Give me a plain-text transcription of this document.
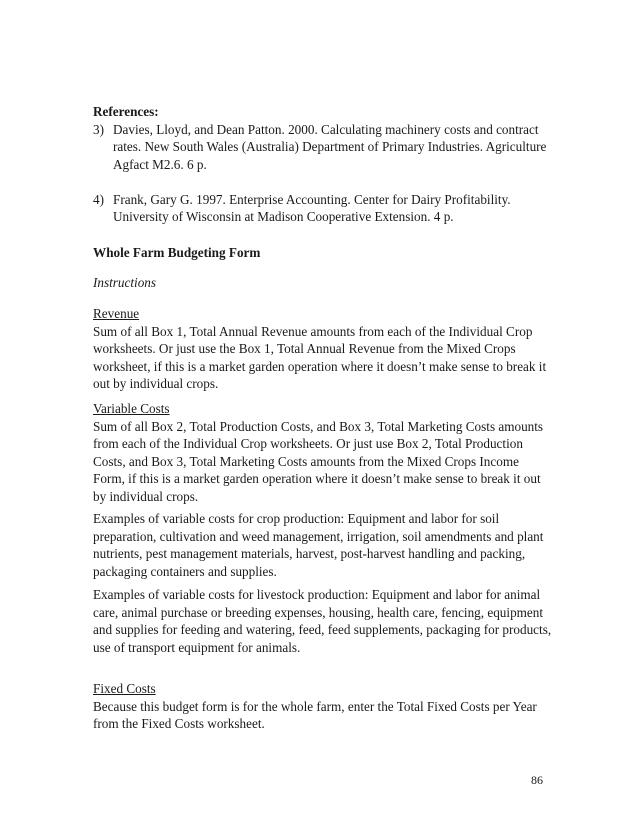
References:

3) Davies, Lloyd, and Dean Patton. 2000. Calculating machinery costs and contract rates. New South Wales (Australia) Department of Primary Industries. Agriculture Agfact M2.6. 6 p.

4) Frank, Gary G. 1997. Enterprise Accounting. Center for Dairy Profitability. University of Wisconsin at Madison Cooperative Extension. 4 p.

Whole Farm Budgeting Form

Instructions

Revenue

Sum of all Box 1, Total Annual Revenue amounts from each of the Individual Crop worksheets. Or just use the Box 1, Total Annual Revenue from the Mixed Crops worksheet, if this is a market garden operation where it doesn’t make sense to break it out by individual crops.

Variable Costs

Sum of all Box 2, Total Production Costs, and Box 3, Total Marketing Costs amounts from each of the Individual Crop worksheets. Or just use Box 2, Total Production Costs, and Box 3, Total Marketing Costs amounts from the Mixed Crops Income Form, if this is a market garden operation where it doesn’t make sense to break it out by individual crops.

Examples of variable costs for crop production: Equipment and labor for soil preparation, cultivation and weed management, irrigation, soil amendments and plant nutrients, pest management materials, harvest, post-harvest handling and packing, packaging containers and supplies.

Examples of variable costs for livestock production: Equipment and labor for animal care, animal purchase or breeding expenses, housing, health care, fencing, equipment and supplies for feeding and watering, feed, feed supplements, packaging for products, use of transport equipment for animals.

Fixed Costs

Because this budget form is for the whole farm, enter the Total Fixed Costs per Year from the Fixed Costs worksheet.

86
